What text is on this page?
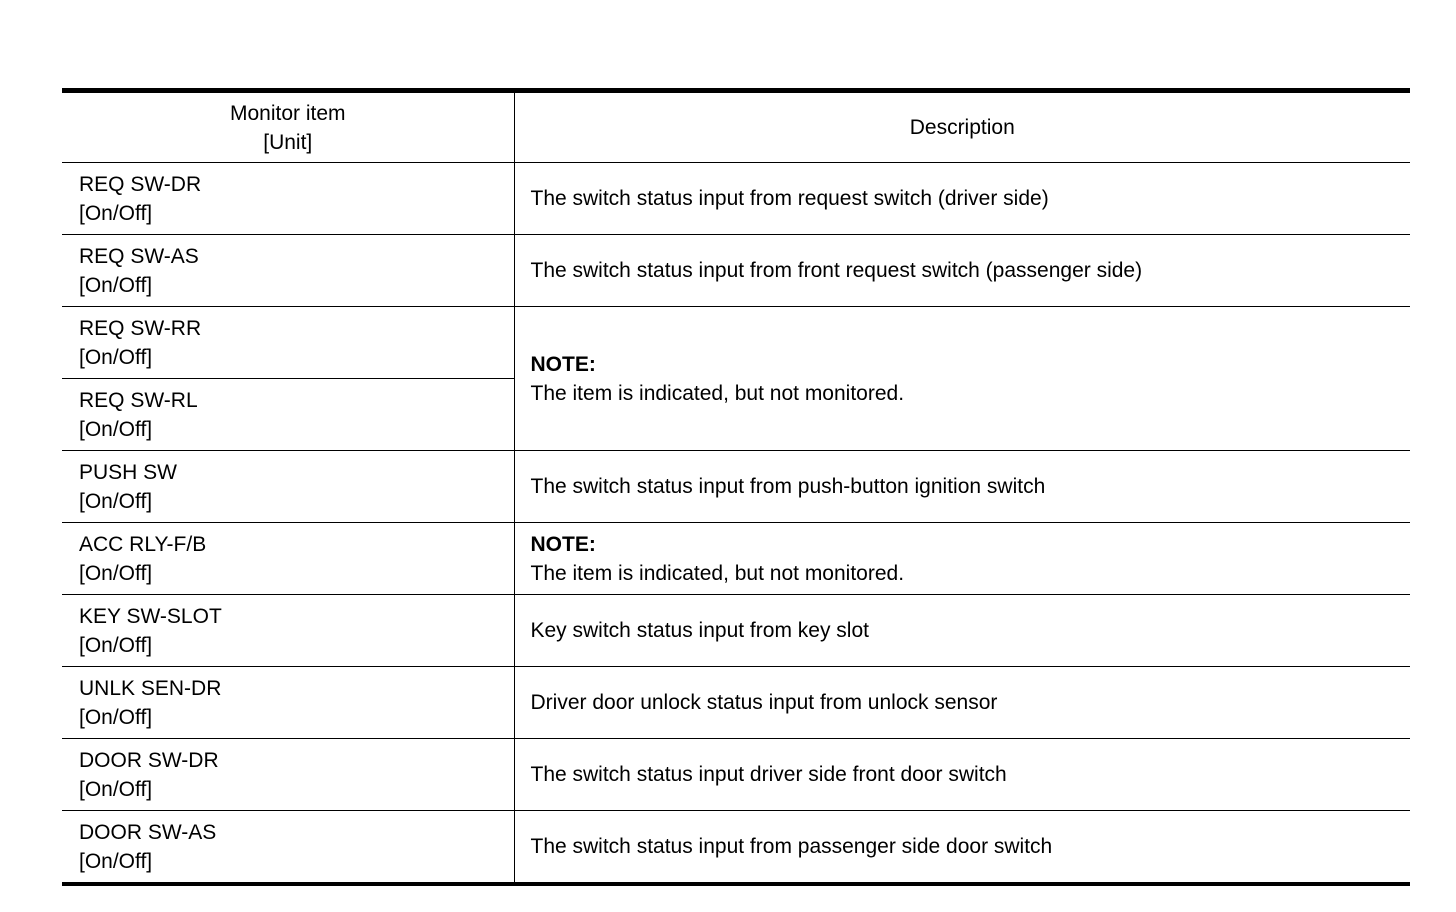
Monitor item
[Unit]	Description

REQ SW-DR
[On/Off]	The switch status input from request switch (driver side)

REQ SW-AS
[On/Off]	The switch status input from front request switch (passenger side)

REQ SW-RR
[On/Off]	NOTE:
The item is indicated, but not monitored.

REQ SW-RL
[On/Off]	

PUSH SW
[On/Off]	The switch status input from push-button ignition switch

ACC RLY-F/B
[On/Off]	NOTE:
The item is indicated, but not monitored.

KEY SW-SLOT
[On/Off]	Key switch status input from key slot

UNLK SEN-DR
[On/Off]	Driver door unlock status input from unlock sensor

DOOR SW-DR
[On/Off]	The switch status input driver side front door switch

DOOR SW-AS
[On/Off]	The switch status input from passenger side door switch
